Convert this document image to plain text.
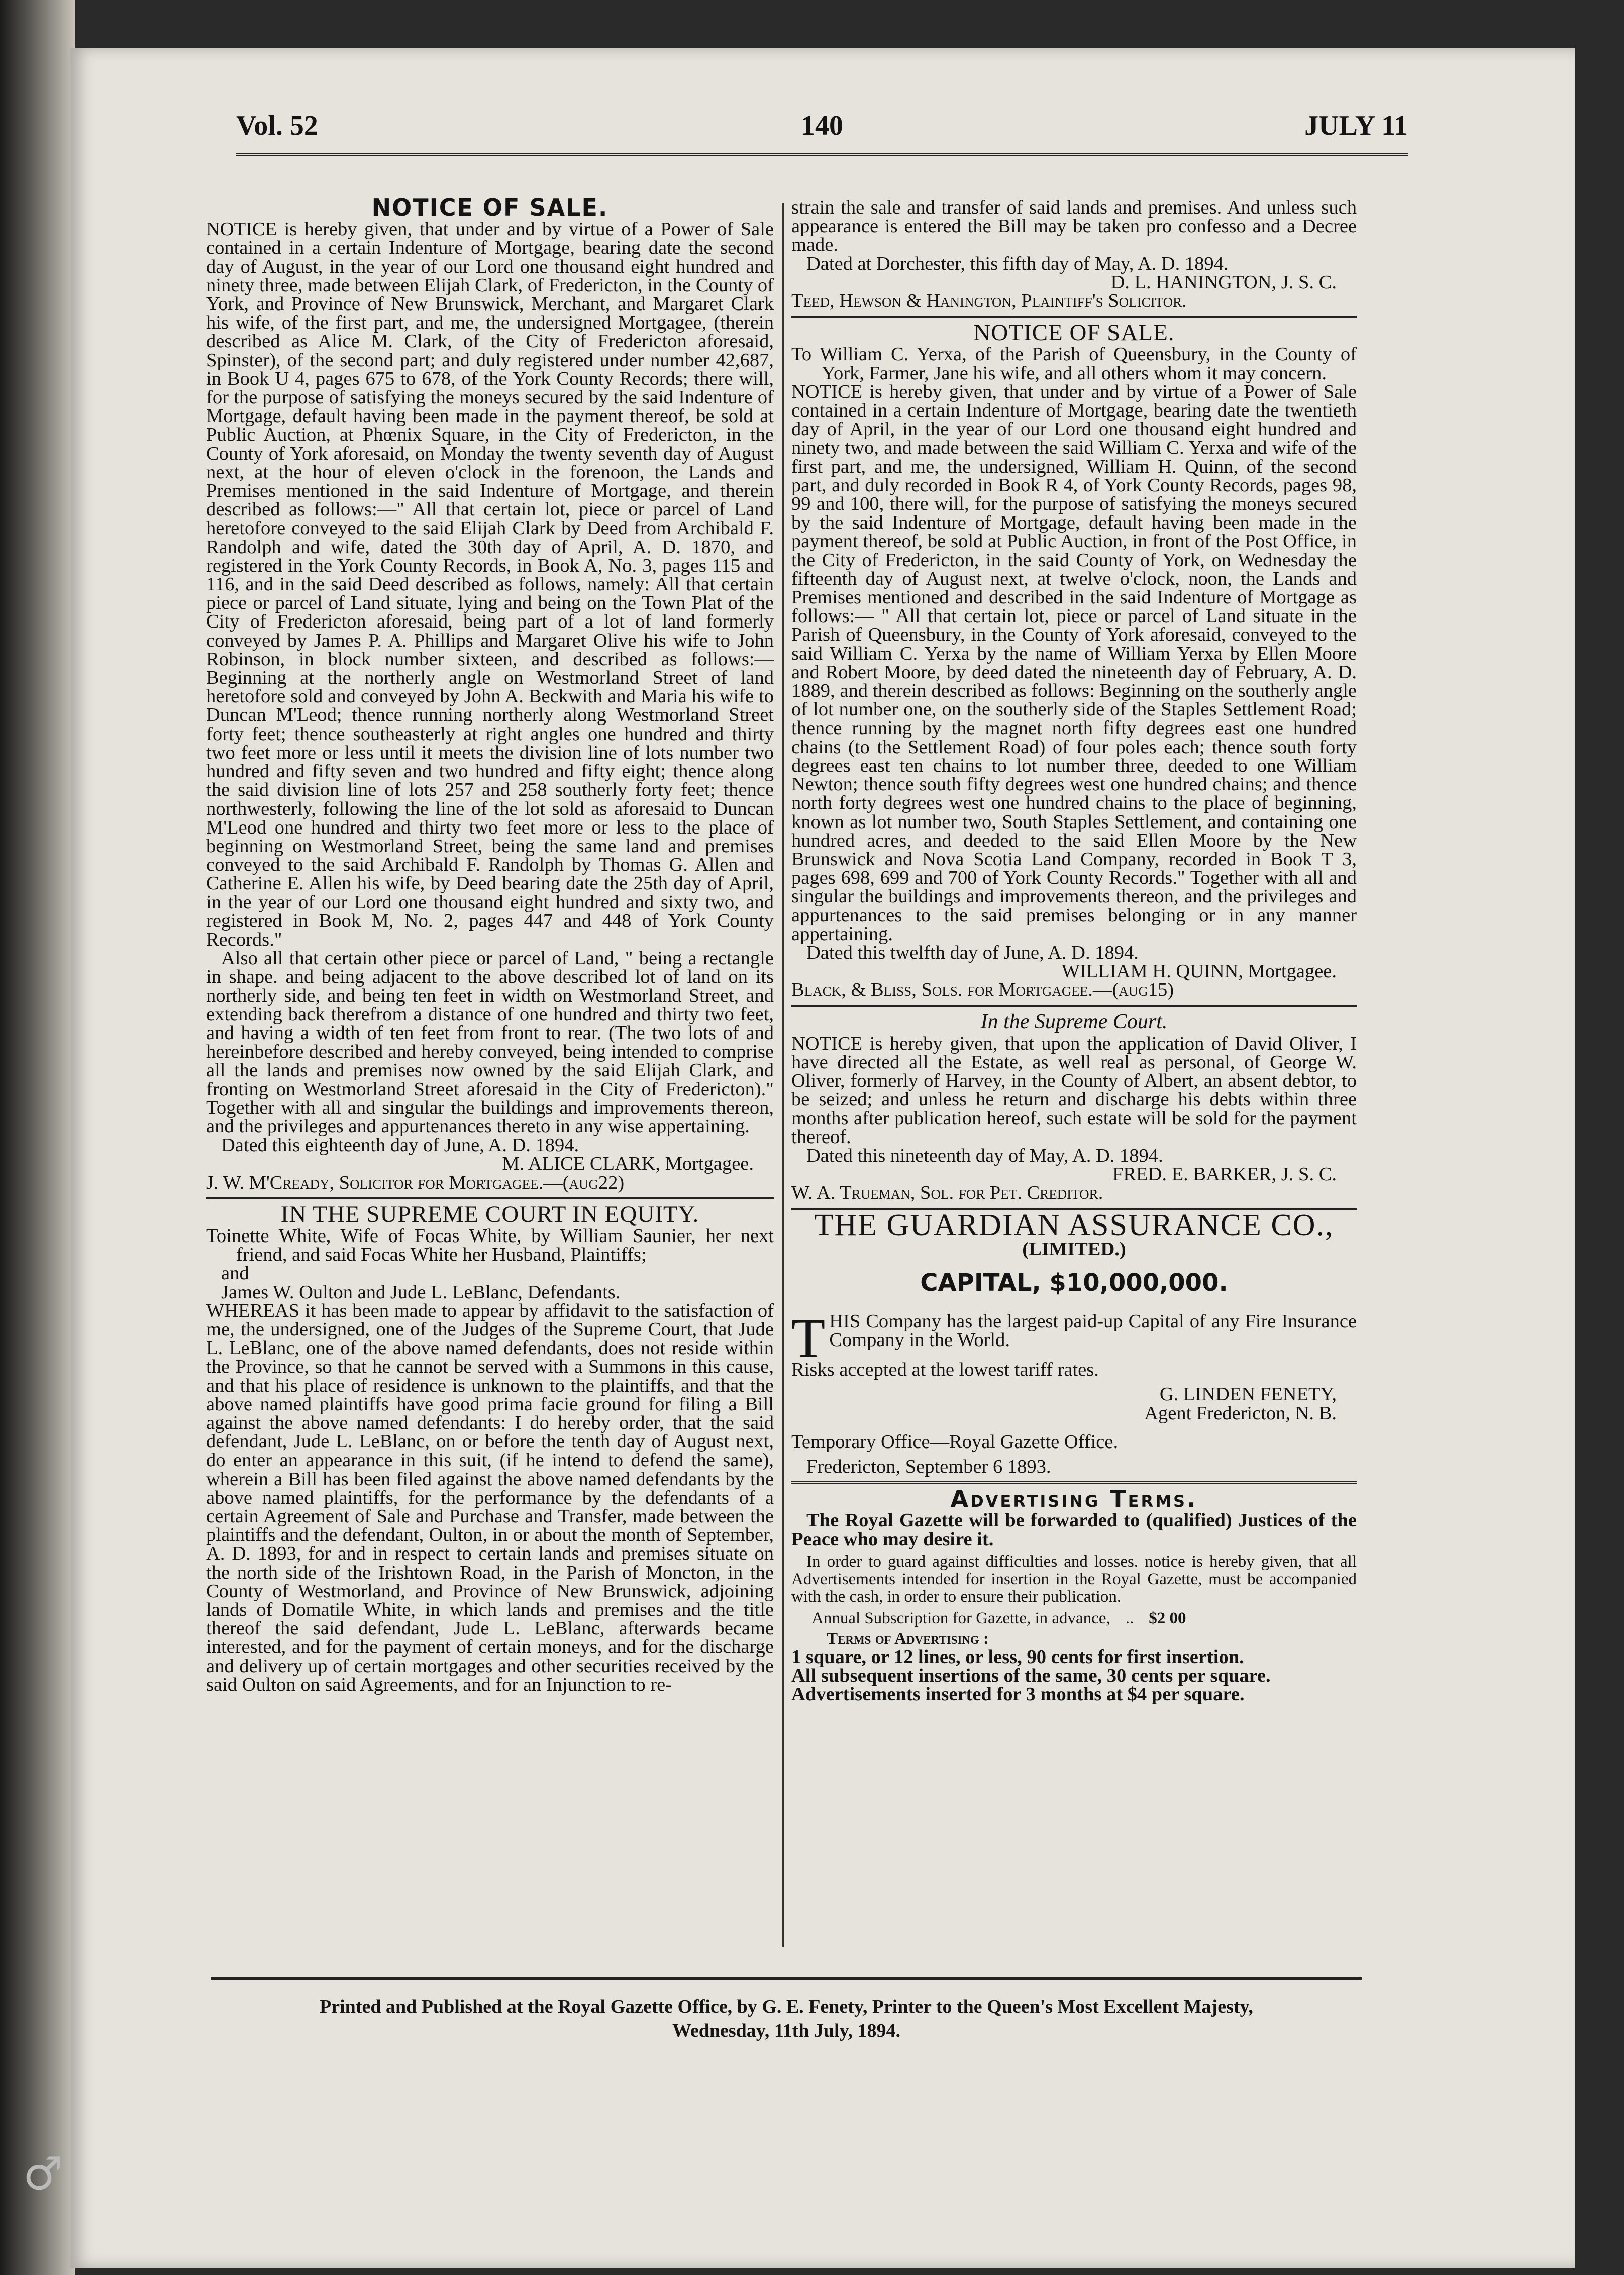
♂
Vol. 52	140	JULY 11
NOTICE OF SALE.

NOTICE is hereby given, that under and by virtue of a Power of Sale contained in a certain Indenture of Mortgage, bearing date the second day of August, in the year of our Lord one thousand eight hundred and ninety three, made between Elijah Clark, of Fredericton, in the County of York, and Province of New Brunswick, Merchant, and Margaret Clark his wife, of the first part, and me, the undersigned Mortgagee, (therein described as Alice M. Clark, of the City of Fredericton aforesaid, Spinster), of the second part; and duly registered under number 42,687, in Book U 4, pages 675 to 678, of the York County Records; there will, for the purpose of satisfying the moneys secured by the said Indenture of Mortgage, default having been made in the payment thereof, be sold at Public Auction, at Phœnix Square, in the City of Fredericton, in the County of York aforesaid, on Monday the twenty seventh day of August next, at the hour of eleven o'clock in the forenoon, the Lands and Premises mentioned in the said Indenture of Mortgage, and therein described as follows:—" All that certain lot, piece or parcel of Land heretofore conveyed to the said Elijah Clark by Deed from Archibald F. Randolph and wife, dated the 30th day of April, A. D. 1870, and registered in the York County Records, in Book A, No. 3, pages 115 and 116, and in the said Deed described as follows, namely: All that certain piece or parcel of Land situate, lying and being on the Town Plat of the City of Fredericton aforesaid, being part of a lot of land formerly conveyed by James P. A. Phillips and Margaret Olive his wife to John Robinson, in block number sixteen, and described as follows:—Beginning at the northerly angle on Westmorland Street of land heretofore sold and conveyed by John A. Beckwith and Maria his wife to Duncan M'Leod; thence running northerly along Westmorland Street forty feet; thence southeasterly at right angles one hundred and thirty two feet more or less until it meets the division line of lots number two hundred and fifty seven and two hundred and fifty eight; thence along the said division line of lots 257 and 258 southerly forty feet; thence northwesterly, following the line of the lot sold as aforesaid to Duncan M'Leod one hundred and thirty two feet more or less to the place of beginning on Westmorland Street, being the same land and premises conveyed to the said Archibald F. Randolph by Thomas G. Allen and Catherine E. Allen his wife, by Deed bearing date the 25th day of April, in the year of our Lord one thousand eight hundred and sixty two, and registered in Book M, No. 2, pages 447 and 448 of York County Records."

Also all that certain other piece or parcel of Land, " being a rectangle in shape. and being adjacent to the above described lot of land on its northerly side, and being ten feet in width on Westmorland Street, and extending back therefrom a distance of one hundred and thirty two feet, and having a width of ten feet from front to rear. (The two lots of and hereinbefore described and hereby conveyed, being intended to comprise all the lands and premises now owned by the said Elijah Clark, and fronting on Westmorland Street aforesaid in the City of Fredericton)." Together with all and singular the buildings and improvements thereon, and the privileges and appurtenances thereto in any wise appertaining.

Dated this eighteenth day of June, A. D. 1894.

M. ALICE CLARK, Mortgagee.

J. W. M'Cready, Solicitor for Mortgagee.—(aug22)

IN THE SUPREME COURT IN EQUITY.

Toinette White, Wife of Focas White, by William Saunier, her next friend, and said Focas White her Husband, Plaintiffs;

and

James W. Oulton and Jude L. LeBlanc, Defendants.

WHEREAS it has been made to appear by affidavit to the satisfaction of me, the undersigned, one of the Judges of the Supreme Court, that Jude L. LeBlanc, one of the above named defendants, does not reside within the Province, so that he cannot be served with a Summons in this cause, and that his place of residence is unknown to the plaintiffs, and that the above named plaintiffs have good prima facie ground for filing a Bill against the above named defendants: I do hereby order, that the said defendant, Jude L. LeBlanc, on or before the tenth day of August next, do enter an appearance in this suit, (if he intend to defend the same), wherein a Bill has been filed against the above named defendants by the above named plaintiffs, for the performance by the defendants of a certain Agreement of Sale and Purchase and Transfer, made between the plaintiffs and the defendant, Oulton, in or about the month of September, A. D. 1893, for and in respect to certain lands and premises situate on the north side of the Irishtown Road, in the Parish of Moncton, in the County of Westmorland, and Province of New Brunswick, adjoining lands of Domatile White, in which lands and premises and the title thereof the said defendant, Jude L. LeBlanc, afterwards became interested, and for the payment of certain moneys, and for the discharge and delivery up of certain mortgages and other securities received by the said Oulton on said Agreements, and for an Injunction to re-

strain the sale and transfer of said lands and premises. And unless such appearance is entered the Bill may be taken pro confesso and a Decree made.

Dated at Dorchester, this fifth day of May, A. D. 1894.

D. L. HANINGTON, J. S. C.

Teed, Hewson & Hanington, Plaintiff's Solicitor.

NOTICE OF SALE.

To William C. Yerxa, of the Parish of Queensbury, in the County of York, Farmer, Jane his wife, and all others whom it may concern.

NOTICE is hereby given, that under and by virtue of a Power of Sale contained in a certain Indenture of Mortgage, bearing date the twentieth day of April, in the year of our Lord one thousand eight hundred and ninety two, and made between the said William C. Yerxa and wife of the first part, and me, the undersigned, William H. Quinn, of the second part, and duly recorded in Book R 4, of York County Records, pages 98, 99 and 100, there will, for the purpose of satisfying the moneys secured by the said Indenture of Mortgage, default having been made in the payment thereof, be sold at Public Auction, in front of the Post Office, in the City of Fredericton, in the said County of York, on Wednesday the fifteenth day of August next, at twelve o'clock, noon, the Lands and Premises mentioned and described in the said Indenture of Mortgage as follows:— " All that certain lot, piece or parcel of Land situate in the Parish of Queensbury, in the County of York aforesaid, conveyed to the said William C. Yerxa by the name of William Yerxa by Ellen Moore and Robert Moore, by deed dated the nineteenth day of February, A. D. 1889, and therein described as follows: Beginning on the southerly angle of lot number one, on the southerly side of the Staples Settlement Road; thence running by the magnet north fifty degrees east one hundred chains (to the Settlement Road) of four poles each; thence south forty degrees east ten chains to lot number three, deeded to one William Newton; thence south fifty degrees west one hundred chains; and thence north forty degrees west one hundred chains to the place of beginning, known as lot number two, South Staples Settlement, and containing one hundred acres, and deeded to the said Ellen Moore by the New Brunswick and Nova Scotia Land Company, recorded in Book T 3, pages 698, 699 and 700 of York County Records." Together with all and singular the buildings and improvements thereon, and the privileges and appurtenances to the said premises belonging or in any manner appertaining.

Dated this twelfth day of June, A. D. 1894.

WILLIAM H. QUINN, Mortgagee.

Black, & Bliss, Sols. for Mortgagee.—(aug15)

In the Supreme Court.

NOTICE is hereby given, that upon the application of David Oliver, I have directed all the Estate, as well real as personal, of George W. Oliver, formerly of Harvey, in the County of Albert, an absent debtor, to be seized; and unless he return and discharge his debts within three months after publication hereof, such estate will be sold for the payment thereof.

Dated this nineteenth day of May, A. D. 1894.

FRED. E. BARKER, J. S. C.

W. A. Trueman, Sol. for Pet. Creditor.

THE GUARDIAN ASSURANCE CO.,

(LIMITED.)

CAPITAL, $10,000,000.

T HIS Company has the largest paid-up Capital of any Fire Insurance Company in the World.

Risks accepted at the lowest tariff rates.

G. LINDEN FENETY,

Agent Fredericton, N. B.

Temporary Office—Royal Gazette Office.

Fredericton, September 6 1893.

Advertising Terms.

The Royal Gazette will be forwarded to (qualified) Justices of the Peace who may desire it.

In order to guard against difficulties and losses. notice is hereby given, that all Advertisements intended for insertion in the Royal Gazette, must be accompanied with the cash, in order to ensure their publication.

Annual Subscription for Gazette, in advance, .. $2 00

Terms of Advertising :

1 square, or 12 lines, or less, 90 cents for first insertion.

All subsequent insertions of the same, 30 cents per square.

Advertisements inserted for 3 months at $4 per square.

Printed and Published at the Royal Gazette Office, by G. E. Fenety, Printer to the Queen's Most Excellent Majesty,
Wednesday, 11th July, 1894.
